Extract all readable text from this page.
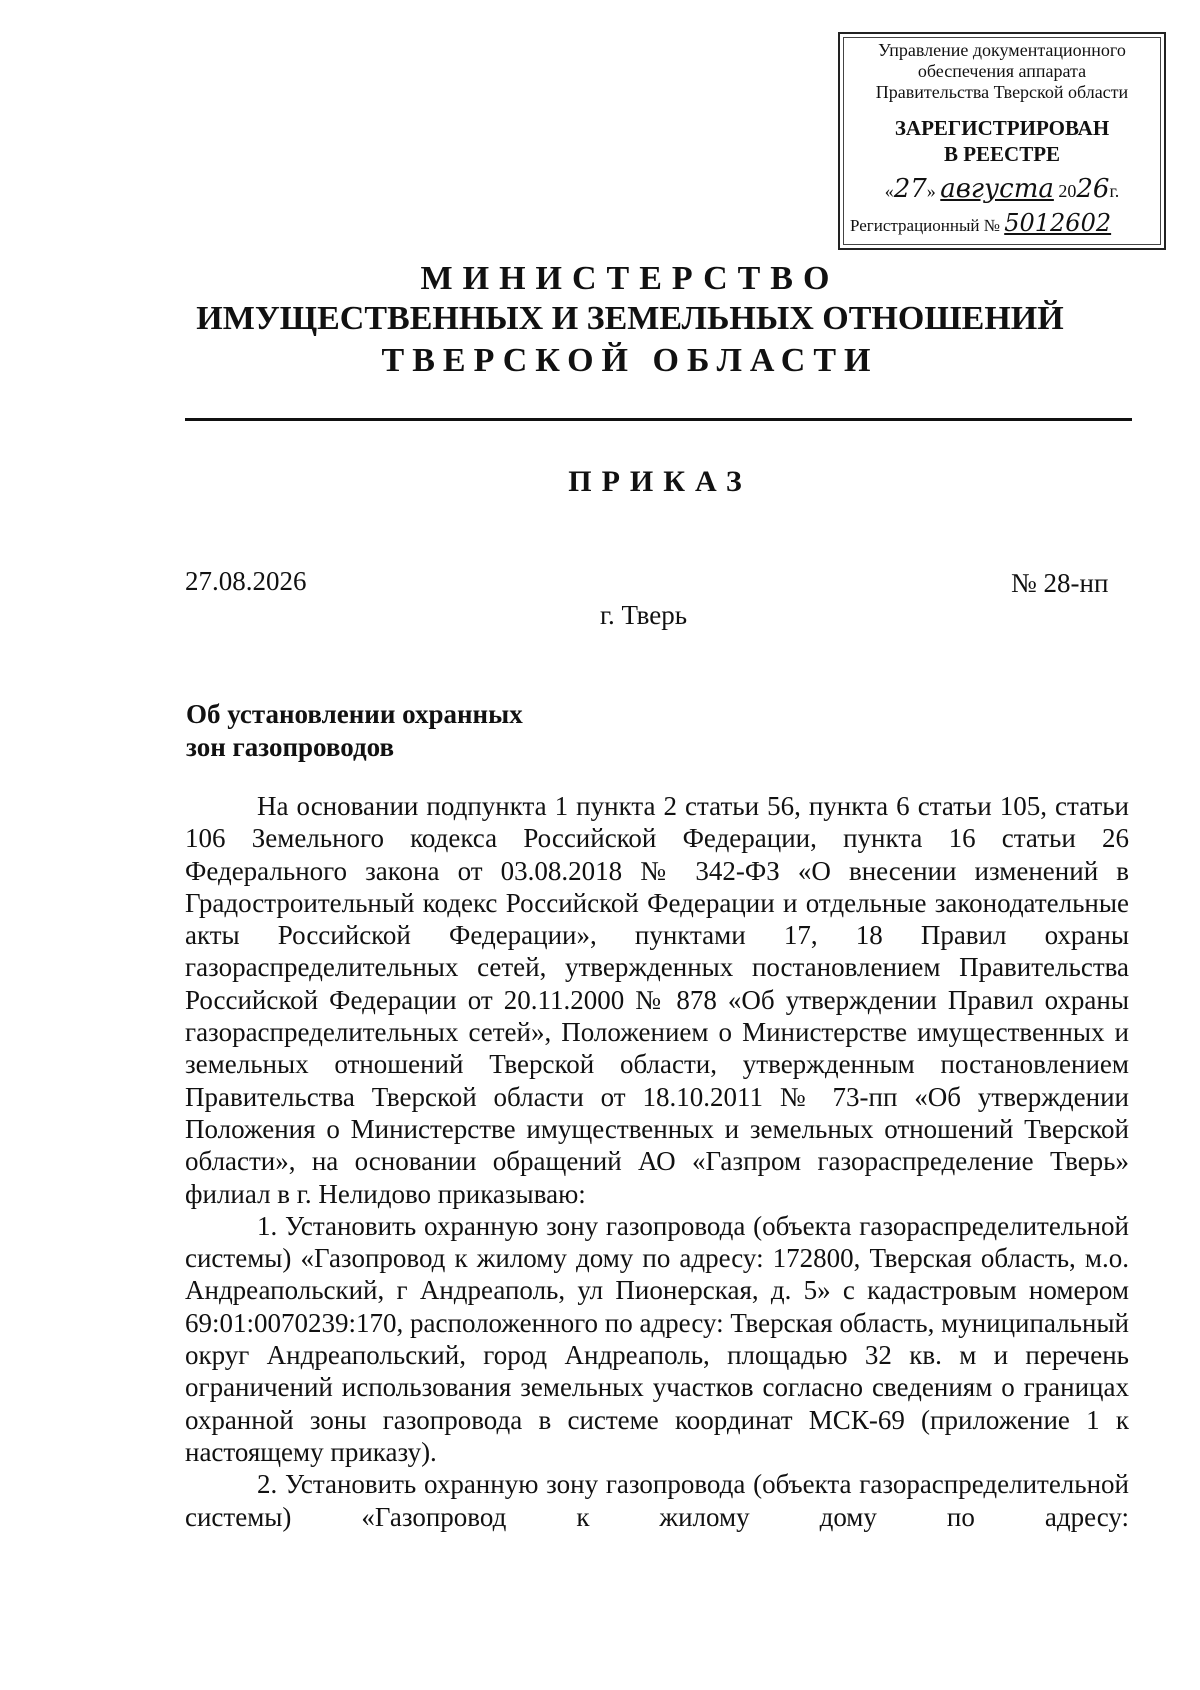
Управление документационного
обеспечения аппарата
Правительства Тверской области
ЗАРЕГИСТРИРОВАН
В РЕЕСТРЕ
«27» августа 2026г.
Регистрационный № 5012602
МИНИСТЕРСТВО
ИМУЩЕСТВЕННЫХ И ЗЕМЕЛЬНЫХ ОТНОШЕНИЙ
ТВЕРСКОЙ ОБЛАСТИ
ПРИКАЗ
27.08.2026	№ 28-нп
г. Тверь
Об установлении охранных
зон газопроводов

На основании подпункта 1 пункта 2 статьи 56, пункта 6 статьи 105, статьи 106 Земельного кодекса Российской Федерации, пункта 16 статьи 26 Федерального закона от 03.08.2018 № 342-ФЗ «О внесении изменений в Градостроительный кодекс Российской Федерации и отдельные законодательные акты Российской Федерации», пунктами 17, 18 Правил охраны газораспределительных сетей, утвержденных постановлением Правительства Российской Федерации от 20.11.2000 № 878 «Об утверждении Правил охраны газораспределительных сетей», Положением о Министерстве имущественных и земельных отношений Тверской области, утвержденным постановлением Правительства Тверской области от 18.10.2011 № 73-пп «Об утверждении Положения о Министерстве имущественных и земельных отношений Тверской области», на основании обращений АО «Газпром газораспределение Тверь» филиал в г. Нелидово приказываю:

1. Установить охранную зону газопровода (объекта газораспределительной системы) «Газопровод к жилому дому по адресу: 172800, Тверская область, м.о. Андреапольский, г Андреаполь, ул Пионерская, д. 5» с кадастровым номером 69:01:0070239:170, расположенного по адресу: Тверская область, муниципальный округ Андреапольский, город Андреаполь, площадью 32 кв. м и перечень ограничений использования земельных участков согласно сведениям о границах охранной зоны газопровода в системе координат МСК-69 (приложение 1 к настоящему приказу).

2. Установить охранную зону газопровода (объекта газораспределительной системы) «Газопровод к жилому дому по адресу:
